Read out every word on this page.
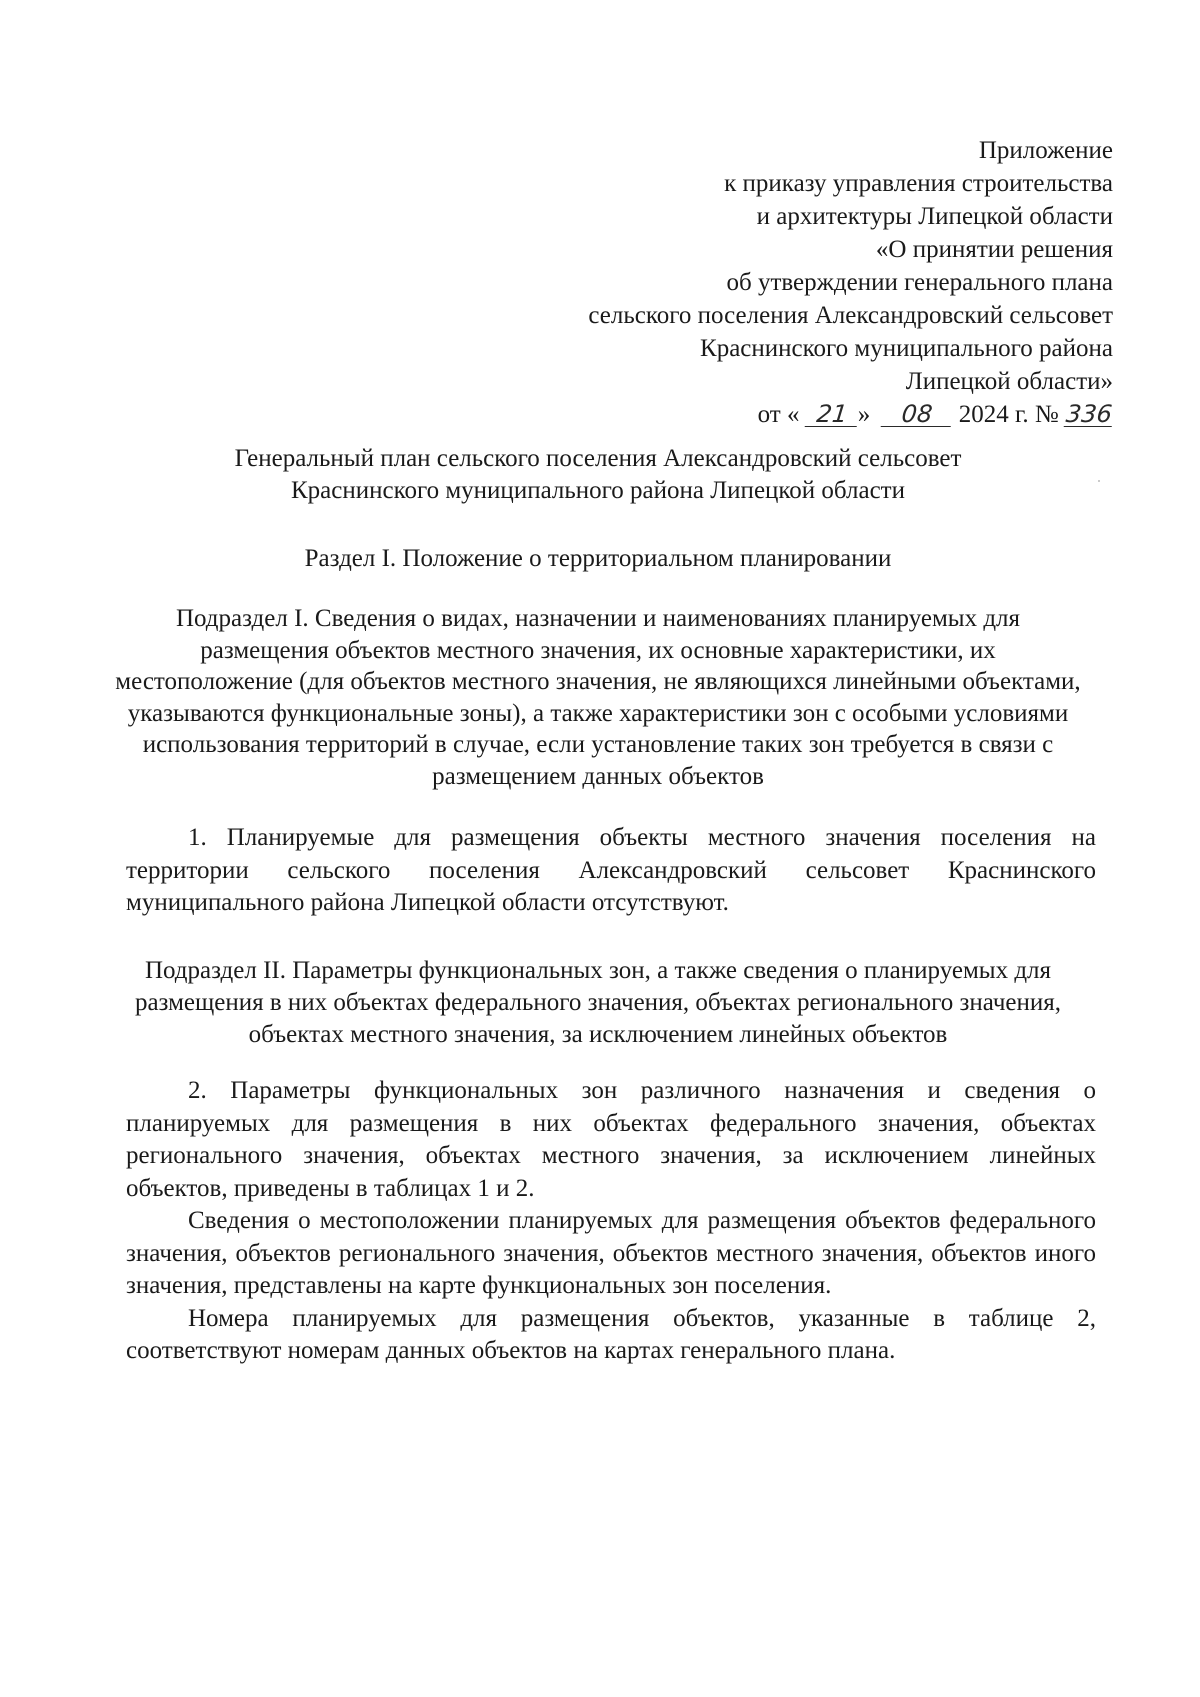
Приложение
к приказу управления строительства
и архитектуры Липецкой области
«О принятии решения
об утверждении генерального плана
сельского поселения Александровский сельсовет
Краснинского муниципального района
Липецкой области»
от « 21 » 08 2024 г. № 336
Генеральный план сельского поселения Александровский сельсовет
Краснинского муниципального района Липецкой области
Раздел I. Положение о территориальном планировании
Подраздел I. Сведения о видах, назначении и наименованиях планируемых для размещения объектов местного значения, их основные характеристики, их местоположение (для объектов местного значения, не являющихся линейными объектами, указываются функциональные зоны), а также характеристики зон с особыми условиями использования территорий в случае, если установление таких зон требуется в связи с размещением данных объектов

1. Планируемые для размещения объекты местного значения поселения на территории сельского поселения Александровский сельсовет Краснинского муниципального района Липецкой области отсутствуют.

Подраздел II. Параметры функциональных зон, а также сведения о планируемых для размещения в них объектах федерального значения, объектах регионального значения, объектах местного значения, за исключением линейных объектов

2. Параметры функциональных зон различного назначения и сведения о планируемых для размещения в них объектах федерального значения, объектах регионального значения, объектах местного значения, за исключением линейных объектов, приведены в таблицах 1 и 2.

Сведения о местоположении планируемых для размещения объектов федерального значения, объектов регионального значения, объектов местного значения, объектов иного значения, представлены на карте функциональных зон поселения.

Номера планируемых для размещения объектов, указанные в таблице 2, соответствуют номерам данных объектов на картах генерального плана.
